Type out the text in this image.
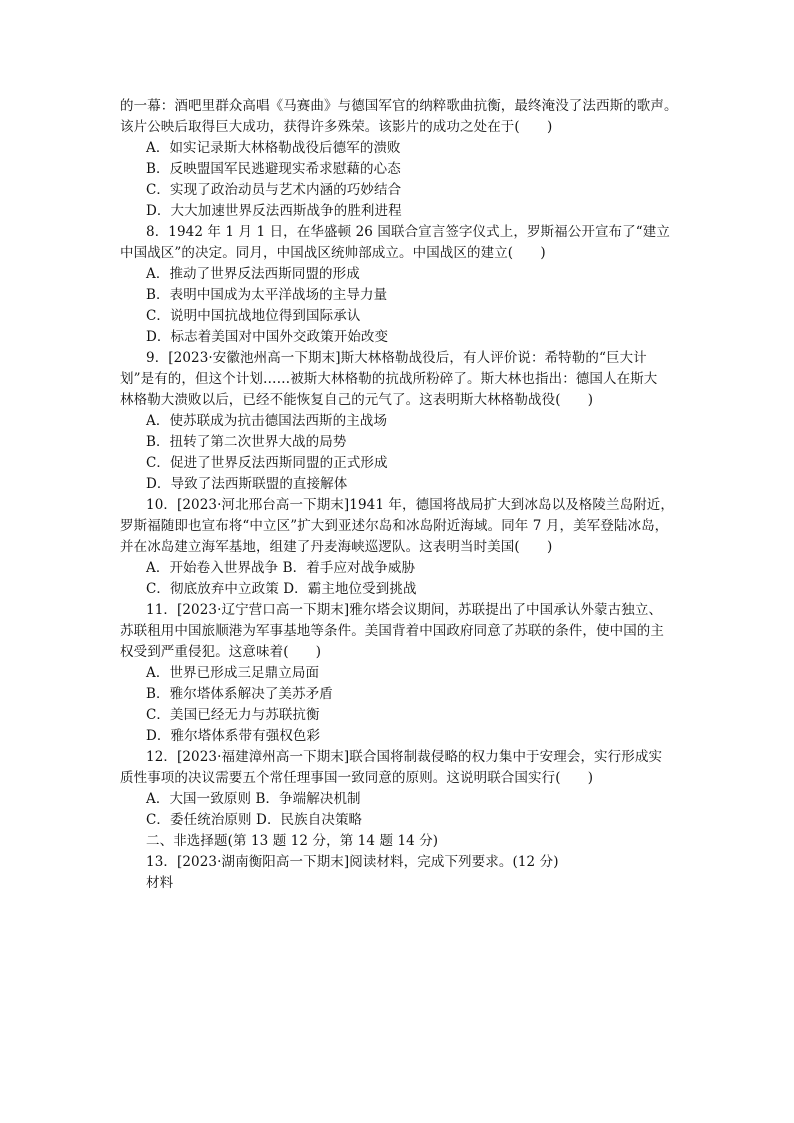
的一幕：酒吧里群众高唱《马赛曲》与德国军官的纳粹歌曲抗衡，最终淹没了法西斯的歌声。
该片公映后取得巨大成功，获得许多殊荣。该影片的成功之处在于(　　)
A．如实记录斯大林格勒战役后德军的溃败
B．反映盟国军民逃避现实希求慰藉的心态
C．实现了政治动员与艺术内涵的巧妙结合
D．大大加速世界反法西斯战争的胜利进程
8．1942 年 1 月 1 日，在华盛顿 26 国联合宣言签字仪式上，罗斯福公开宣布了“建立
中国战区”的决定。同月，中国战区统帅部成立。中国战区的建立(　　)
A．推动了世界反法西斯同盟的形成
B．表明中国成为太平洋战场的主导力量
C．说明中国抗战地位得到国际承认
D．标志着美国对中国外交政策开始改变
9．[2023·安徽池州高一下期末]斯大林格勒战役后，有人评价说：希特勒的“巨大计
划”是有的，但这个计划……被斯大林格勒的抗战所粉碎了。斯大林也指出：德国人在斯大
林格勒大溃败以后，已经不能恢复自己的元气了。这表明斯大林格勒战役(　　)
A．使苏联成为抗击德国法西斯的主战场
B．扭转了第二次世界大战的局势
C．促进了世界反法西斯同盟的正式形成
D．导致了法西斯联盟的直接解体
10．[2023·河北邢台高一下期末]1941 年，德国将战局扩大到冰岛以及格陵兰岛附近，
罗斯福随即也宣布将“中立区”扩大到亚述尔岛和冰岛附近海域。同年 7 月，美军登陆冰岛，
并在冰岛建立海军基地，组建了丹麦海峡巡逻队。这表明当时美国(　　)
A．开始卷入世界战争 B．着手应对战争威胁
C．彻底放弃中立政策 D．霸主地位受到挑战
11．[2023·辽宁营口高一下期末]雅尔塔会议期间，苏联提出了中国承认外蒙古独立、
苏联租用中国旅顺港为军事基地等条件。美国背着中国政府同意了苏联的条件，使中国的主
权受到严重侵犯。这意味着(　　)
A．世界已形成三足鼎立局面
B．雅尔塔体系解决了美苏矛盾
C．美国已经无力与苏联抗衡
D．雅尔塔体系带有强权色彩
12．[2023·福建漳州高一下期末]联合国将制裁侵略的权力集中于安理会，实行形成实
质性事项的决议需要五个常任理事国一致同意的原则。这说明联合国实行(　　)
A．大国一致原则 B．争端解决机制
C．委任统治原则 D．民族自决策略
二、非选择题(第 13 题 12 分，第 14 题 14 分)
13．[2023·湖南衡阳高一下期末]阅读材料，完成下列要求。(12 分)
材料
